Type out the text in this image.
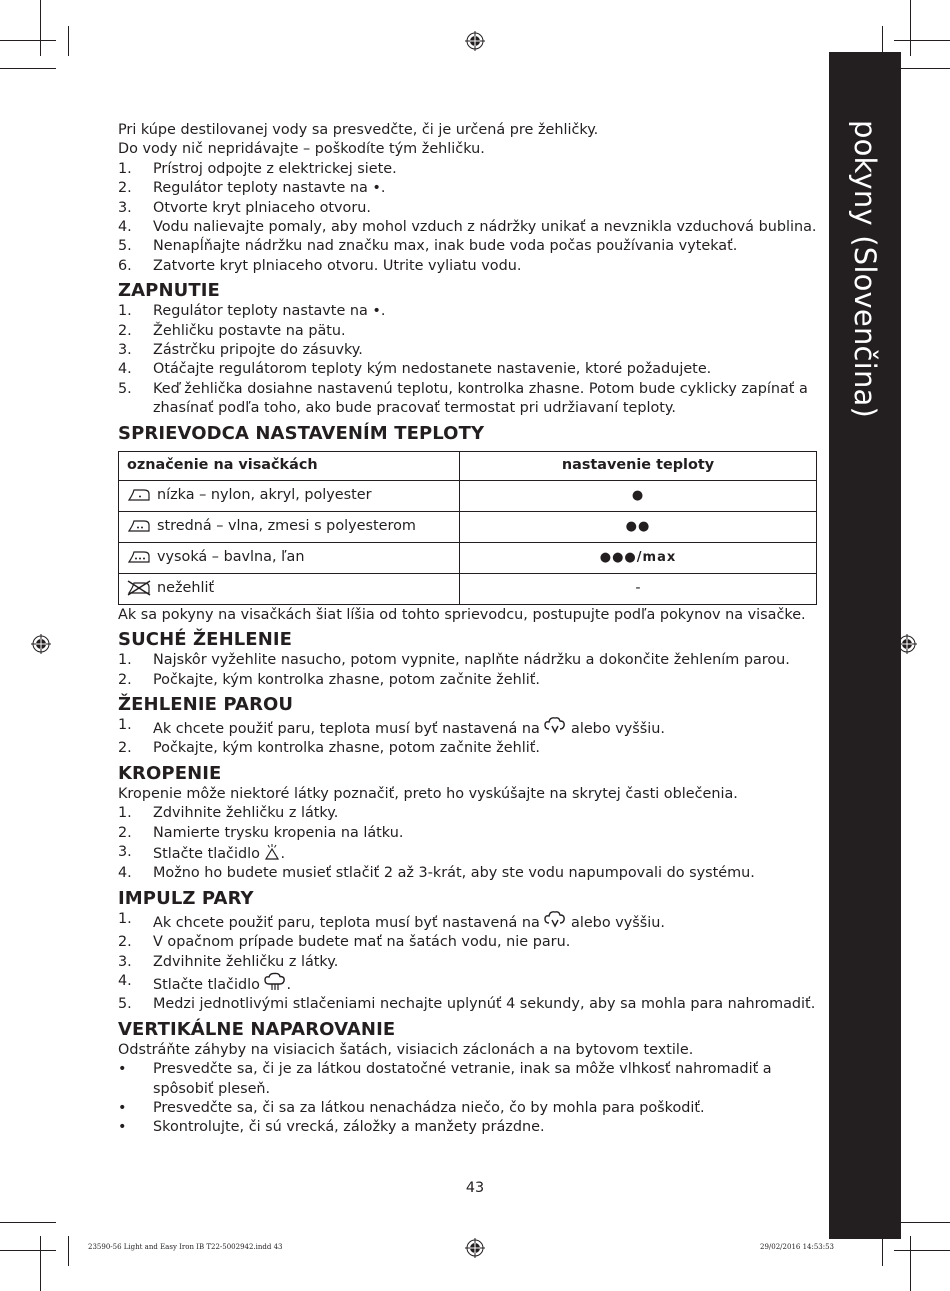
pokyny (Slovenčina)

Pri kúpe destilovanej vody sa presvedčte, či je určená pre žehličky.

Do vody nič nepridávajte – poškodíte tým žehličku.

1. Prístroj odpojte z elektrickej siete.
2. Regulátor teploty nastavte na •.
3. Otvorte kryt plniaceho otvoru.
4. Vodu nalievajte pomaly, aby mohol vzduch z nádržky unikať a nevznikla vzduchová bublina.
5. Nenapĺňajte nádržku nad značku max, inak bude voda počas používania vytekať.
6. Zatvorte kryt plniaceho otvoru. Utrite vyliatu vodu.
ZAPNUTIE
1. Regulátor teploty nastavte na •.
2. Žehličku postavte na pätu.
3. Zástrčku pripojte do zásuvky.
4. Otáčajte regulátorom teploty kým nedostanete nastavenie, ktoré požadujete.
5. Keď žehlička dosiahne nastavenú teplotu, kontrolka zhasne. Potom bude cyklicky zapínať a zhasínať podľa toho, ako bude pracovať termostat pri udržiavaní teploty.
SPRIEVODCA NASTAVENÍM TEPLOTY
označenie na visačkách	nastavenie teploty
nízka – nylon, akryl, polyester	●
stredná – vlna, zmesi s polyesterom	●●
vysoká – bavlna, ľan	●●●/max
nežehliť	-

Ak sa pokyny na visačkách šiat líšia od tohto sprievodcu, postupujte podľa pokynov na visačke.

SUCHÉ ŽEHLENIE
1. Najskôr vyžehlite nasucho, potom vypnite, naplňte nádržku a dokončite žehlením parou.
2. Počkajte, kým kontrolka zhasne, potom začnite žehliť.
ŽEHLENIE PAROU
1. Ak chcete použiť paru, teplota musí byť nastavená na alebo vyššiu.
2. Počkajte, kým kontrolka zhasne, potom začnite žehliť.
KROPENIE

Kropenie môže niektoré látky poznačiť, preto ho vyskúšajte na skrytej časti oblečenia.

1. Zdvihnite žehličku z látky.
2. Namierte trysku kropenia na látku.
3. Stlačte tlačidlo .
4. Možno ho budete musieť stlačiť 2 až 3-krát, aby ste vodu napumpovali do systému.
IMPULZ PARY
1. Ak chcete použiť paru, teplota musí byť nastavená na alebo vyššiu.
2. V opačnom prípade budete mať na šatách vodu, nie paru.
3. Zdvihnite žehličku z látky.
4. Stlačte tlačidlo .
5. Medzi jednotlivými stlačeniami nechajte uplynúť 4 sekundy, aby sa mohla para nahromadiť.
VERTIKÁLNE NAPAROVANIE

Odstráňte záhyby na visiacich šatách, visiacich záclonách a na bytovom textile.

• Presvedčte sa, či je za látkou dostatočné vetranie, inak sa môže vlhkosť nahromadiť a spôsobiť pleseň.
• Presvedčte sa, či sa za látkou nenachádza niečo, čo by mohla para poškodiť.
• Skontrolujte, či sú vrecká, záložky a manžety prázdne.
43
23590-56 Light and Easy Iron IB T22-5002942.indd 43	29/02/2016 14:53:53
